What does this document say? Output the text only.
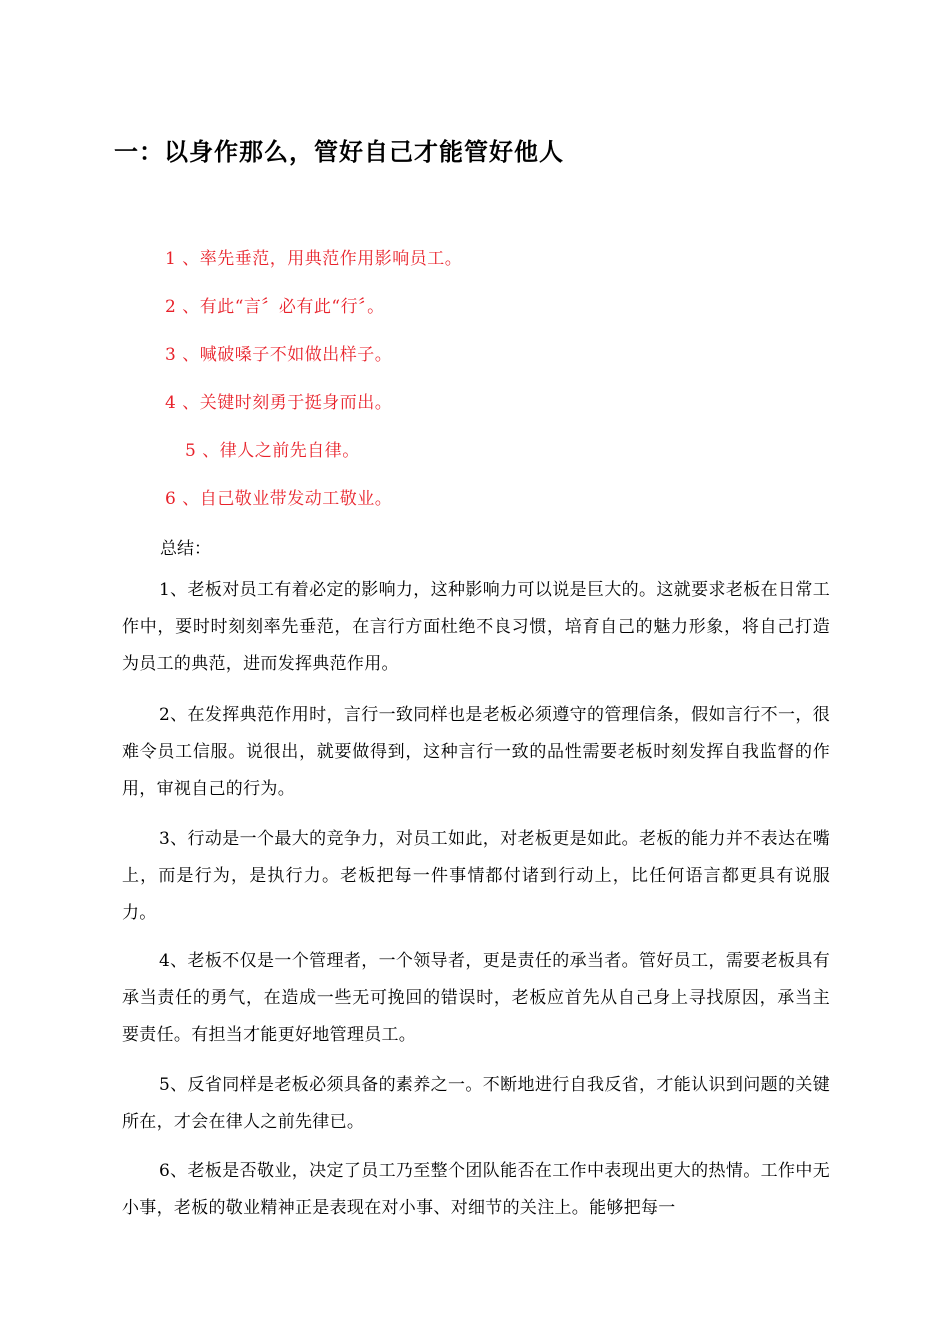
一：以身作那么，管好自己才能管好他人
1 、率先垂范，用典范作用影响员工。
2 、有此“言〞必有此“行〞。
3 、喊破嗓子不如做出样子。
4 、关键时刻勇于挺身而出。
5 、律人之前先自律。
6 、自己敬业带发动工敬业。
总结：
1、老板对员工有着必定的影响力，这种影响力可以说是巨大的。这就要求老板在日常工作中，要时时刻刻率先垂范，在言行方面杜绝不良习惯，培育自己的魅力形象，将自己打造为员工的典范，进而发挥典范作用。
2、在发挥典范作用时，言行一致同样也是老板必须遵守的管理信条，假如言行不一，很难令员工信服。说很出，就要做得到，这种言行一致的品性需要老板时刻发挥自我监督的作用，审视自己的行为。
3、行动是一个最大的竞争力，对员工如此，对老板更是如此。老板的能力并不表达在嘴上，而是行为，是执行力。老板把每一件事情都付诸到行动上，比任何语言都更具有说服力。
4、老板不仅是一个管理者，一个领导者，更是责任的承当者。管好员工，需要老板具有承当责任的勇气，在造成一些无可挽回的错误时，老板应首先从自己身上寻找原因，承当主要责任。有担当才能更好地管理员工。
5、反省同样是老板必须具备的素养之一。不断地进行自我反省，才能认识到问题的关键所在，才会在律人之前先律已。
6、老板是否敬业，决定了员工乃至整个团队能否在工作中表现出更大的热情。工作中无小事，老板的敬业精神正是表现在对小事、对细节的关注上。能够把每一
